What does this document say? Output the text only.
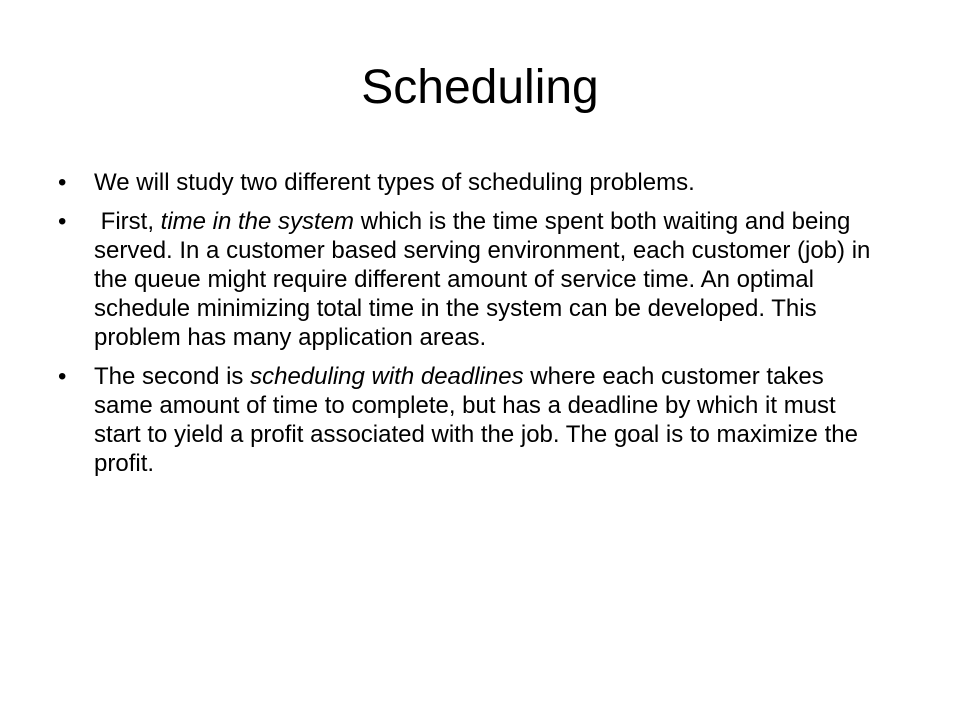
Scheduling
•	We will study two different types of scheduling problems.
•	First, time in the system which is the time spent both waiting and being served. In a customer based serving environment, each customer (job) in the queue might require different amount of service time. An optimal schedule minimizing total time in the system can be developed. This problem has many application areas.
•	The second is scheduling with deadlines where each customer takes same amount of time to complete, but has a deadline by which it must start to yield a profit associated with the job. The goal is to maximize the profit.
